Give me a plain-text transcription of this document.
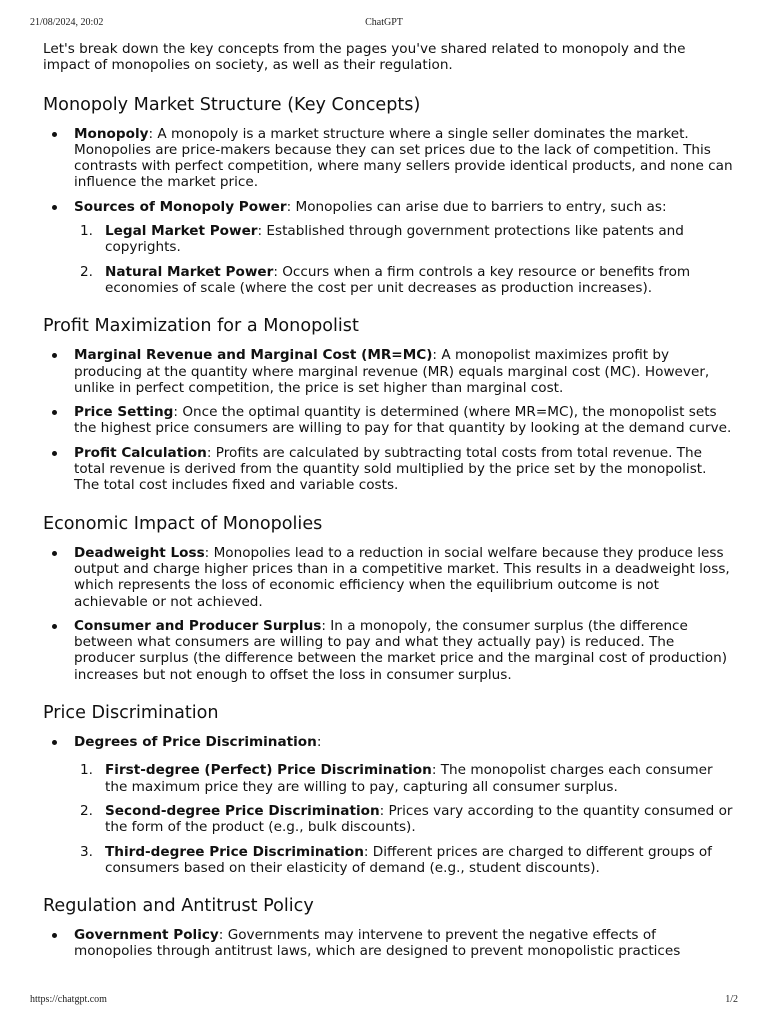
21/08/2024, 20:02	ChatGPT

Let's break down the key concepts from the pages you've shared related to monopoly and the impact of monopolies on society, as well as their regulation.

Monopoly Market Structure (Key Concepts)
Monopoly: A monopoly is a market structure where a single seller dominates the market. Monopolies are price-makers because they can set prices due to the lack of competition. This contrasts with perfect competition, where many sellers provide identical products, and none can influence the market price.
Sources of Monopoly Power: Monopolies can arise due to barriers to entry, such as:
1. Legal Market Power: Established through government protections like patents and copyrights.
2. Natural Market Power: Occurs when a firm controls a key resource or benefits from economies of scale (where the cost per unit decreases as production increases).
Profit Maximization for a Monopolist
Marginal Revenue and Marginal Cost (MR=MC): A monopolist maximizes profit by producing at the quantity where marginal revenue (MR) equals marginal cost (MC). However, unlike in perfect competition, the price is set higher than marginal cost.
Price Setting: Once the optimal quantity is determined (where MR=MC), the monopolist sets the highest price consumers are willing to pay for that quantity by looking at the demand curve.
Profit Calculation: Profits are calculated by subtracting total costs from total revenue. The total revenue is derived from the quantity sold multiplied by the price set by the monopolist. The total cost includes fixed and variable costs.
Economic Impact of Monopolies
Deadweight Loss: Monopolies lead to a reduction in social welfare because they produce less output and charge higher prices than in a competitive market. This results in a deadweight loss, which represents the loss of economic efficiency when the equilibrium outcome is not achievable or not achieved.
Consumer and Producer Surplus: In a monopoly, the consumer surplus (the difference between what consumers are willing to pay and what they actually pay) is reduced. The producer surplus (the difference between the market price and the marginal cost of production) increases but not enough to offset the loss in consumer surplus.
Price Discrimination
Degrees of Price Discrimination:
1. First-degree (Perfect) Price Discrimination: The monopolist charges each consumer the maximum price they are willing to pay, capturing all consumer surplus.
2. Second-degree Price Discrimination: Prices vary according to the quantity consumed or the form of the product (e.g., bulk discounts).
3. Third-degree Price Discrimination: Different prices are charged to different groups of consumers based on their elasticity of demand (e.g., student discounts).
Regulation and Antitrust Policy
Government Policy: Governments may intervene to prevent the negative effects of monopolies through antitrust laws, which are designed to prevent monopolistic practices
https://chatgpt.com	1/2
